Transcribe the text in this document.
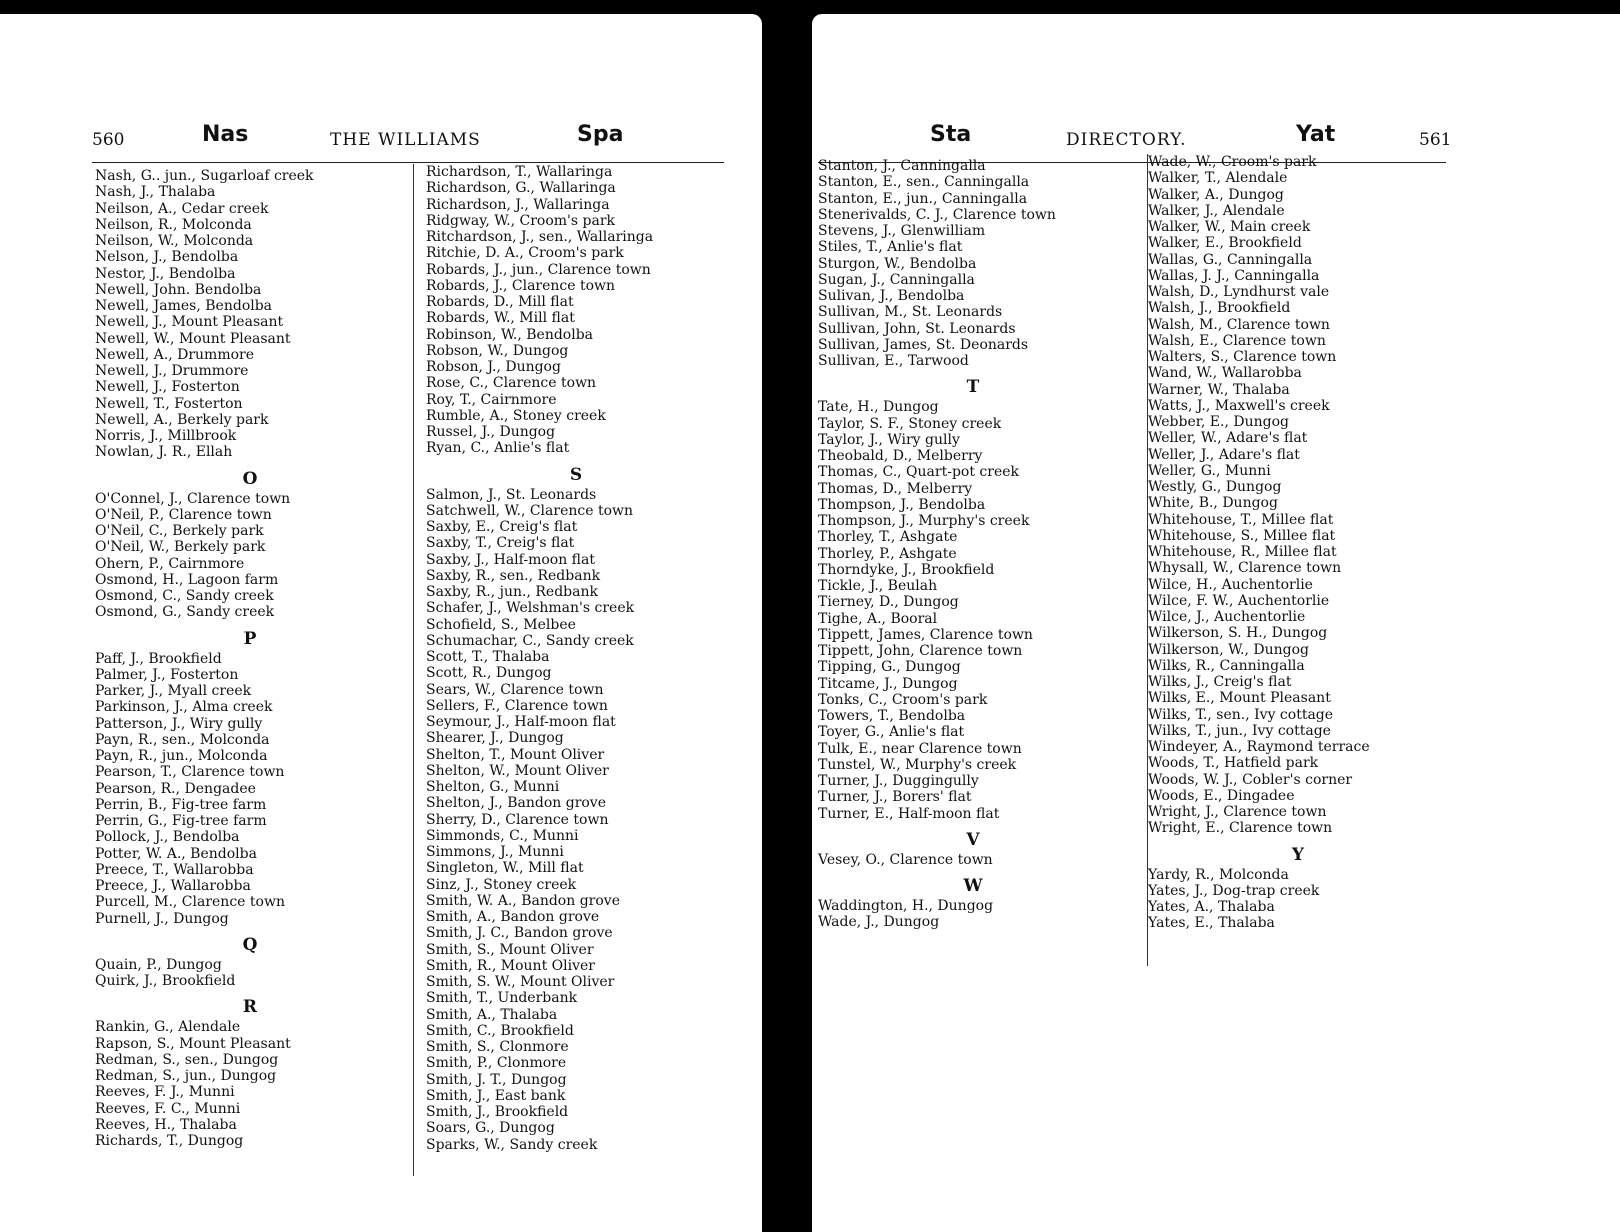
560	Nas	THE WILLIAMS	Spa
Nash, G.. jun., Sugarloaf creek
Nash, J., Thalaba
Neilson, A., Cedar creek
Neilson, R., Molconda
Neilson, W., Molconda
Nelson, J., Bendolba
Nestor, J., Bendolba
Newell, John. Bendolba
Newell, James, Bendolba
Newell, J., Mount Pleasant
Newell, W., Mount Pleasant
Newell, A., Drummore
Newell, J., Drummore
Newell, J., Fosterton
Newell, T., Fosterton
Newell, A., Berkely park
Norris, J., Millbrook
Nowlan, J. R., Ellah
O
O'Connel, J., Clarence town
O'Neil, P., Clarence town
O'Neil, C., Berkely park
O'Neil, W., Berkely park
Ohern, P., Cairnmore
Osmond, H., Lagoon farm
Osmond, C., Sandy creek
Osmond, G., Sandy creek
P
Paff, J., Brookfield
Palmer, J., Fosterton
Parker, J., Myall creek
Parkinson, J., Alma creek
Patterson, J., Wiry gully
Payn, R., sen., Molconda
Payn, R., jun., Molconda
Pearson, T., Clarence town
Pearson, R., Dengadee
Perrin, B., Fig-tree farm
Perrin, G., Fig-tree farm
Pollock, J., Bendolba
Potter, W. A., Bendolba
Preece, T., Wallarobba
Preece, J., Wallarobba
Purcell, M., Clarence town
Purnell, J., Dungog
Q
Quain, P., Dungog
Quirk, J., Brookfield
R
Rankin, G., Alendale
Rapson, S., Mount Pleasant
Redman, S., sen., Dungog
Redman, S., jun., Dungog
Reeves, F. J., Munni
Reeves, F. C., Munni
Reeves, H., Thalaba
Richards, T., Dungog
Richardson, T., Wallaringa
Richardson, G., Wallaringa
Richardson, J., Wallaringa
Ridgway, W., Croom's park
Ritchardson, J., sen., Wallaringa
Ritchie, D. A., Croom's park
Robards, J., jun., Clarence town
Robards, J., Clarence town
Robards, D., Mill flat
Robards, W., Mill flat
Robinson, W., Bendolba
Robson, W., Dungog
Robson, J., Dungog
Rose, C., Clarence town
Roy, T., Cairnmore
Rumble, A., Stoney creek
Russel, J., Dungog
Ryan, C., Anlie's flat
S
Salmon, J., St. Leonards
Satchwell, W., Clarence town
Saxby, E., Creig's flat
Saxby, T., Creig's flat
Saxby, J., Half-moon flat
Saxby, R., sen., Redbank
Saxby, R., jun., Redbank
Schafer, J., Welshman's creek
Schofield, S., Melbee
Schumachar, C., Sandy creek
Scott, T., Thalaba
Scott, R., Dungog
Sears, W., Clarence town
Sellers, F., Clarence town
Seymour, J., Half-moon flat
Shearer, J., Dungog
Shelton, T., Mount Oliver
Shelton, W., Mount Oliver
Shelton, G., Munni
Shelton, J., Bandon grove
Sherry, D., Clarence town
Simmonds, C., Munni
Simmons, J., Munni
Singleton, W., Mill flat
Sinz, J., Stoney creek
Smith, W. A., Bandon grove
Smith, A., Bandon grove
Smith, J. C., Bandon grove
Smith, S., Mount Oliver
Smith, R., Mount Oliver
Smith, S. W., Mount Oliver
Smith, T., Underbank
Smith, A., Thalaba
Smith, C., Brookfield
Smith, S., Clonmore
Smith, P., Clonmore
Smith, J. T., Dungog
Smith, J., East bank
Smith, J., Brookfield
Soars, G., Dungog
Sparks, W., Sandy creek
Sta	DIRECTORY.	Yat	561
Stanton, J., Canningalla
Stanton, E., sen., Canningalla
Stanton, E., jun., Canningalla
Stenerivalds, C. J., Clarence town
Stevens, J., Glenwilliam
Stiles, T., Anlie's flat
Sturgon, W., Bendolba
Sugan, J., Canningalla
Sulivan, J., Bendolba
Sullivan, M., St. Leonards
Sullivan, John, St. Leonards
Sullivan, James, St. Deonards
Sullivan, E., Tarwood
T
Tate, H., Dungog
Taylor, S. F., Stoney creek
Taylor, J., Wiry gully
Theobald, D., Melberry
Thomas, C., Quart-pot creek
Thomas, D., Melberry
Thompson, J., Bendolba
Thompson, J., Murphy's creek
Thorley, T., Ashgate
Thorley, P., Ashgate
Thorndyke, J., Brookfield
Tickle, J., Beulah
Tierney, D., Dungog
Tighe, A., Booral
Tippett, James, Clarence town
Tippett, John, Clarence town
Tipping, G., Dungog
Titcame, J., Dungog
Tonks, C., Croom's park
Towers, T., Bendolba
Toyer, G., Anlie's flat
Tulk, E., near Clarence town
Tunstel, W., Murphy's creek
Turner, J., Duggingully
Turner, J., Borers' flat
Turner, E., Half-moon flat
V
Vesey, O., Clarence town
W
Waddington, H., Dungog
Wade, J., Dungog
Wade, W., Croom's park
Walker, T., Alendale
Walker, A., Dungog
Walker, J., Alendale
Walker, W., Main creek
Walker, E., Brookfield
Wallas, G., Canningalla
Wallas, J. J., Canningalla
Walsh, D., Lyndhurst vale
Walsh, J., Brookfield
Walsh, M., Clarence town
Walsh, E., Clarence town
Walters, S., Clarence town
Wand, W., Wallarobba
Warner, W., Thalaba
Watts, J., Maxwell's creek
Webber, E., Dungog
Weller, W., Adare's flat
Weller, J., Adare's flat
Weller, G., Munni
Westly, G., Dungog
White, B., Dungog
Whitehouse, T., Millee flat
Whitehouse, S., Millee flat
Whitehouse, R., Millee flat
Whysall, W., Clarence town
Wilce, H., Auchentorlie
Wilce, F. W., Auchentorlie
Wilce, J., Auchentorlie
Wilkerson, S. H., Dungog
Wilkerson, W., Dungog
Wilks, R., Canningalla
Wilks, J., Creig's flat
Wilks, E., Mount Pleasant
Wilks, T., sen., Ivy cottage
Wilks, T., jun., Ivy cottage
Windeyer, A., Raymond terrace
Woods, T., Hatfield park
Woods, W. J., Cobler's corner
Woods, E., Dingadee
Wright, J., Clarence town
Wright, E., Clarence town
Y
Yardy, R., Molconda
Yates, J., Dog-trap creek
Yates, A., Thalaba
Yates, E., Thalaba
